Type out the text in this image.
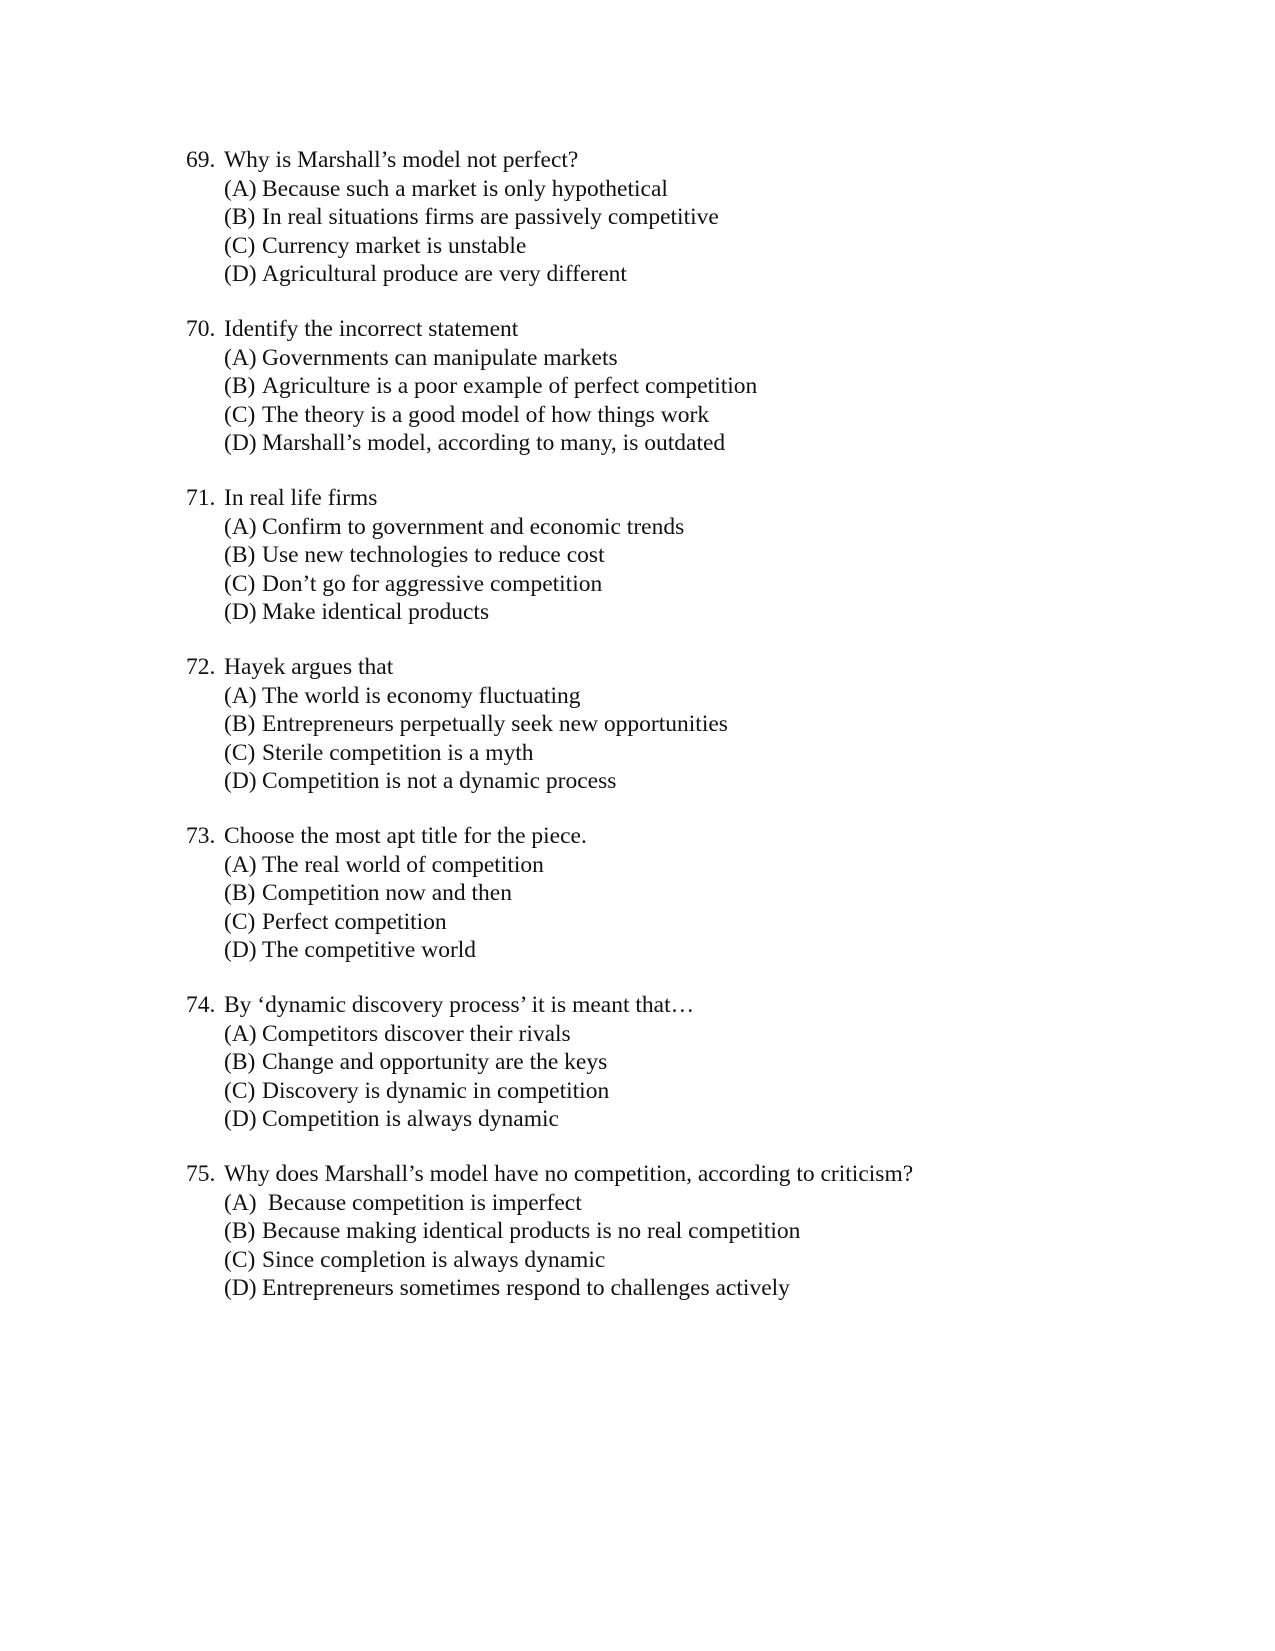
69. Why is Marshall’s model not perfect?
(A) Because such a market is only hypothetical
(B) In real situations firms are passively competitive
(C) Currency market is unstable
(D) Agricultural produce are very different
70. Identify the incorrect statement
(A) Governments can manipulate markets
(B) Agriculture is a poor example of perfect competition
(C) The theory is a good model of how things work
(D) Marshall’s model, according to many, is outdated
71. In real life firms
(A) Confirm to government and economic trends
(B) Use new technologies to reduce cost
(C) Don’t go for aggressive competition
(D) Make identical products
72. Hayek argues that
(A) The world is economy fluctuating
(B) Entrepreneurs perpetually seek new opportunities
(C) Sterile competition is a myth
(D) Competition is not a dynamic process
73. Choose the most apt title for the piece.
(A) The real world of competition
(B) Competition now and then
(C) Perfect competition
(D) The competitive world
74. By ‘dynamic discovery process’ it is meant that…
(A) Competitors discover their rivals
(B) Change and opportunity are the keys
(C) Discovery is dynamic in competition
(D) Competition is always dynamic
75. Why does Marshall’s model have no competition, according to criticism?
(A) Because competition is imperfect
(B) Because making identical products is no real competition
(C) Since completion is always dynamic
(D) Entrepreneurs sometimes respond to challenges actively
